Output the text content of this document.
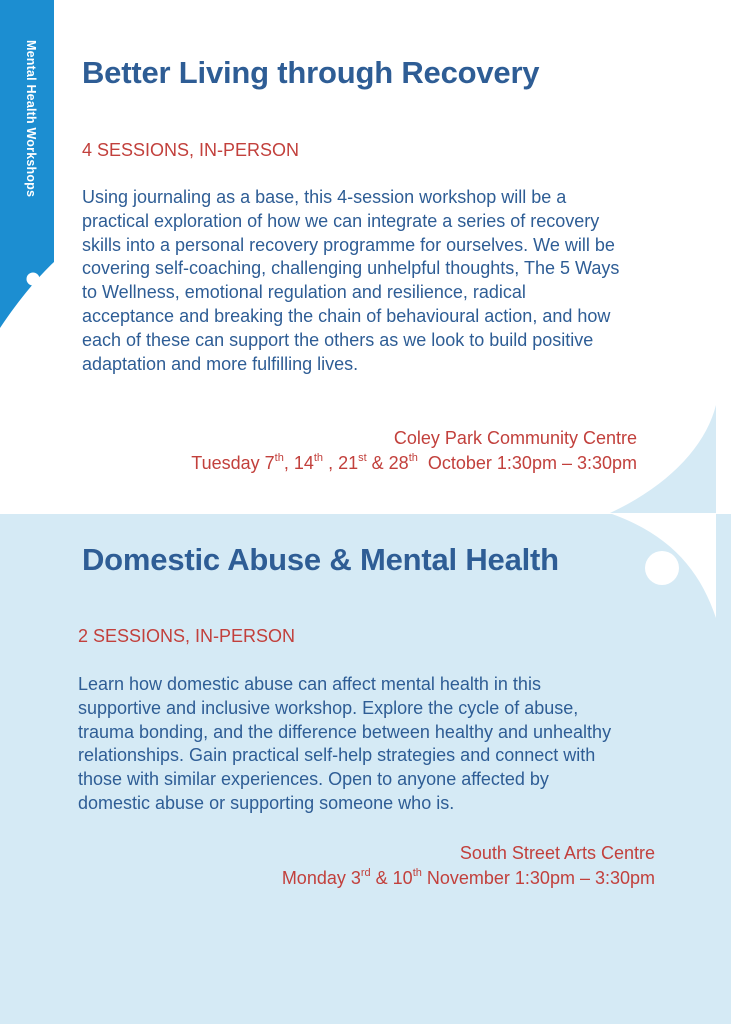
Mental Health Workshops Better Living through Recovery

4 SESSIONS, IN-PERSON

Using journaling as a base, this 4-session workshop will be a practical exploration of how we can integrate a series of recovery skills into a personal recovery programme for ourselves. We will be covering self-coaching, challenging unhelpful thoughts, The 5 Ways to Wellness, emotional regulation and resilience, radical acceptance and breaking the chain of behavioural action, and how each of these can support the others as we look to build positive adaptation and more fulfilling lives.

Coley Park Community Centre
Tuesday 7th, 14th , 21st & 28th  October 1:30pm – 3:30pm
Domestic Abuse & Mental Health

2 SESSIONS, IN-PERSON

Learn how domestic abuse can affect mental health in this supportive and inclusive workshop. Explore the cycle of abuse, trauma bonding, and the difference between healthy and unhealthy relationships. Gain practical self-help strategies and connect with those with similar experiences. Open to anyone affected by domestic abuse or supporting someone who is.

South Street Arts Centre
Monday 3rd & 10th November 1:30pm – 3:30pm
